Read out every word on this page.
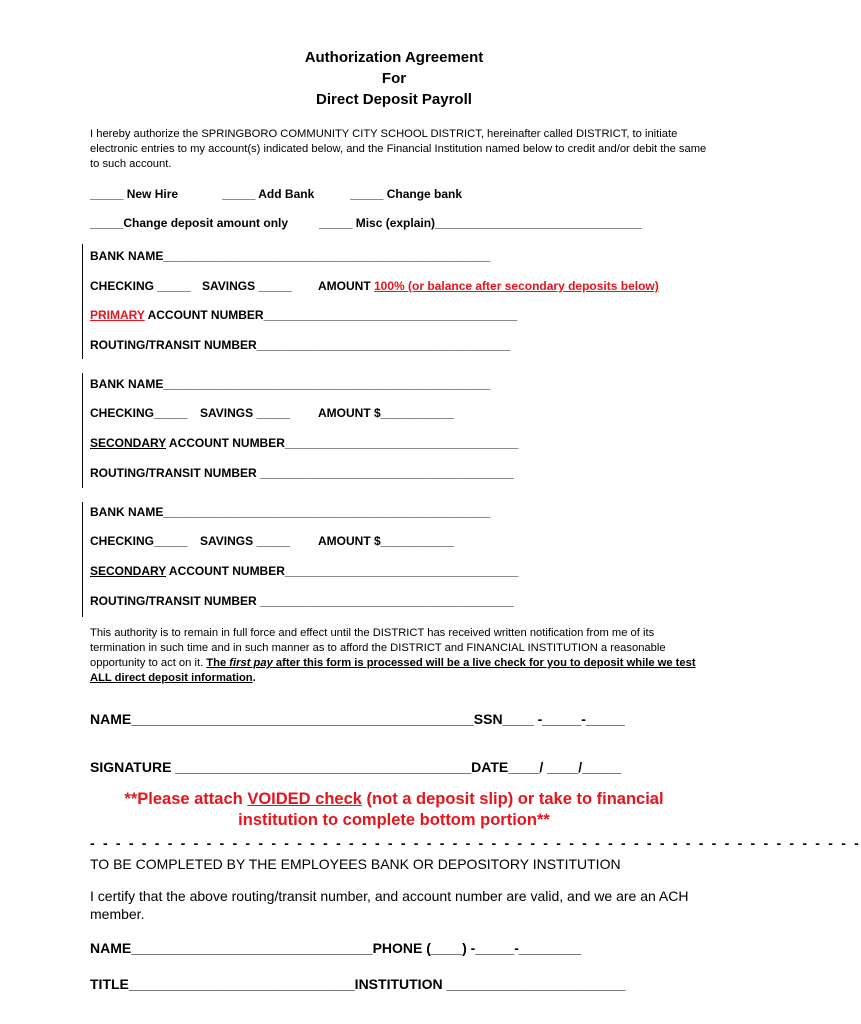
Authorization Agreement
For
Direct Deposit Payroll
I hereby authorize the SPRINGBORO COMMUNITY CITY SCHOOL DISTRICT, hereinafter called DISTRICT, to initiate electronic entries to my account(s) indicated below, and the Financial Institution named below to credit and/or debit the same to such account.
_____ New Hire	_____ Add Bank	_____ Change bank
_____Change deposit amount only	_____ Misc (explain)_______________________________
BANK NAME_________________________________________________
CHECKING _____ SAVINGS _____ AMOUNT 100% (or balance after secondary deposits below)
PRIMARY ACCOUNT NUMBER______________________________________
ROUTING/TRANSIT NUMBER______________________________________
BANK NAME_________________________________________________
CHECKING_____ SAVINGS _____ AMOUNT $___________
SECONDARY ACCOUNT NUMBER___________________________________
ROUTING/TRANSIT NUMBER ______________________________________
BANK NAME_________________________________________________
CHECKING_____ SAVINGS _____ AMOUNT $___________
SECONDARY ACCOUNT NUMBER___________________________________
ROUTING/TRANSIT NUMBER ______________________________________
This authority is to remain in full force and effect until the DISTRICT has received written notification from me of its termination in such time and in such manner as to afford the DISTRICT and FINANCIAL INSTITUTION a reasonable opportunity to act on it. The first pay after this form is processed will be a live check for you to deposit while we test ALL direct deposit information.
NAME____________________________________________SSN____ -_____-_____
SIGNATURE ______________________________________DATE____/ ____/_____
**Please attach VOIDED check (not a deposit slip) or take to financial
institution to complete bottom portion**
- - - - - - - - - - - - - - - - - - - - - - - - - - - - - - - - - - - - - - - - - - - - - - - - - - - - - - - - - - - -
TO BE COMPLETED BY THE EMPLOYEES BANK OR DEPOSITORY INSTITUTION
I certify that the above routing/transit number, and account number are valid, and we are an ACH member.
NAME_______________________________PHONE (____) -_____-________
TITLE_____________________________INSTITUTION _______________________
